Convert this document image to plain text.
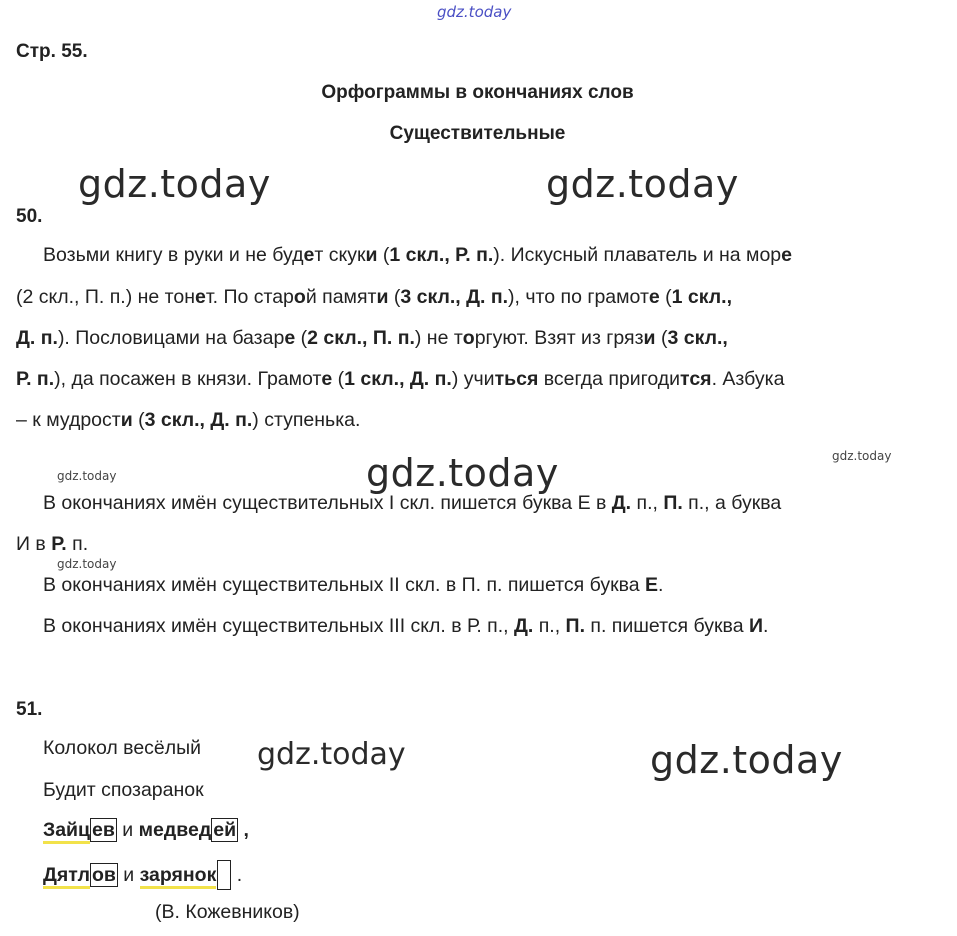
gdz.today
gdz.today	gdz.today
gdz.today
gdz.today
gdz.today
gdz.today
gdz.today	gdz.today
Стр. 55.
Орфограммы в окончаниях слов
Существительные
50.
Возьми книгу в руки и не будет скуки (1 скл., Р. п.). Искусный плаватель и на море
(2 скл., П. п.) не тонет. По старой памяти (3 скл., Д. п.), что по грамоте (1 скл.,
Д. п.). Пословицами на базаре (2 скл., П. п.) не торгуют. Взят из грязи (3 скл.,
Р. п.), да посажен в князи. Грамоте (1 скл., Д. п.) учиться всегда пригодится. Азбука
– к мудрости (3 скл., Д. п.) ступенька.
В окончаниях имён существительных I скл. пишется буква Е в Д. п., П. п., а буква
И в Р. п.
В окончаниях имён существительных II скл. в П. п. пишется буква Е.
В окончаниях имён существительных III скл. в Р. п., Д. п., П. п. пишется буква И.
51.
Колокол весёлый
Будит спозаранок
Зайц ев и медвед ей ,
Дятл ов и зарянок .
(В. Кожевников)
